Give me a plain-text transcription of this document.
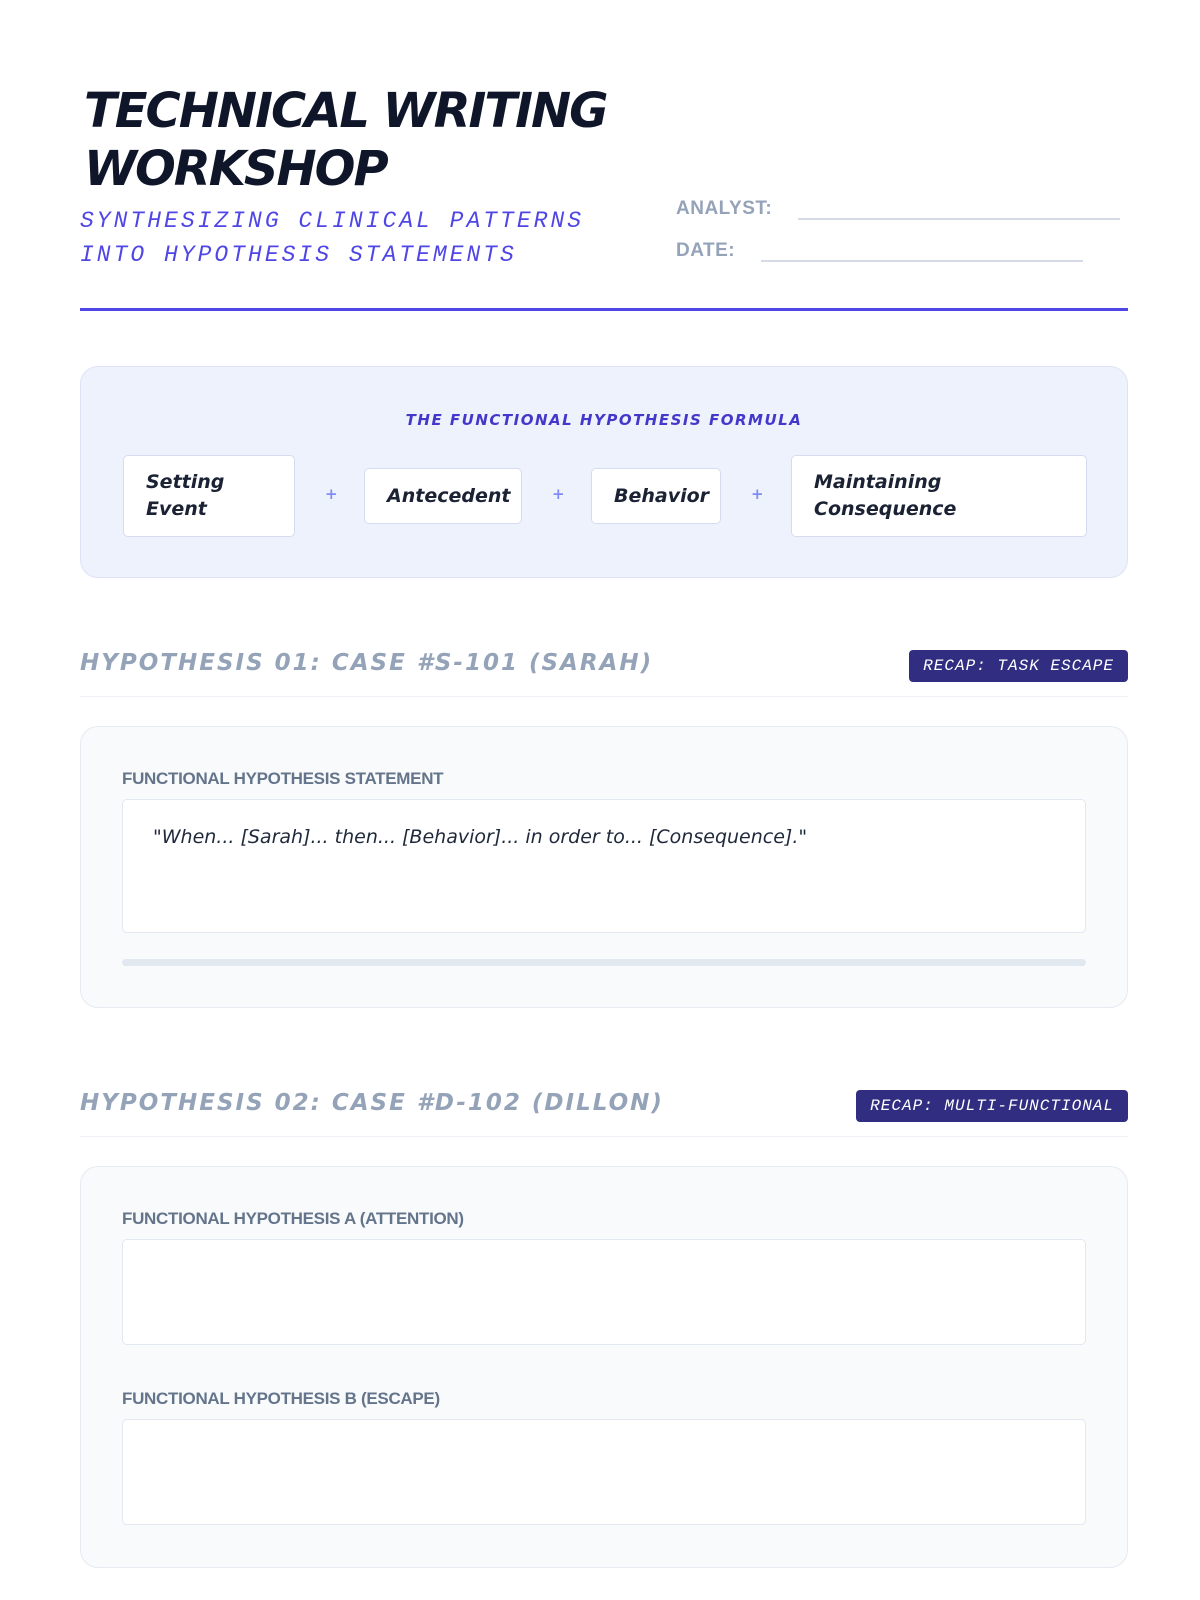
TECHNICAL WRITING WORKSHOP
SYNTHESIZING CLINICAL PATTERNS INTO HYPOTHESIS STATEMENTS
ANALYST:
DATE:
THE FUNCTIONAL HYPOTHESIS FORMULA
Setting Event
+	Antecedent	+	Behavior	+
Maintaining Consequence
HYPOTHESIS 01: CASE #S-101 (SARAH)	RECAP: TASK ESCAPE
FUNCTIONAL HYPOTHESIS STATEMENT
"When... [Sarah]... then... [Behavior]... in order to... [Consequence]."
HYPOTHESIS 02: CASE #D-102 (DILLON)	RECAP: MULTI-FUNCTIONAL
FUNCTIONAL HYPOTHESIS A (ATTENTION)
FUNCTIONAL HYPOTHESIS B (ESCAPE)
